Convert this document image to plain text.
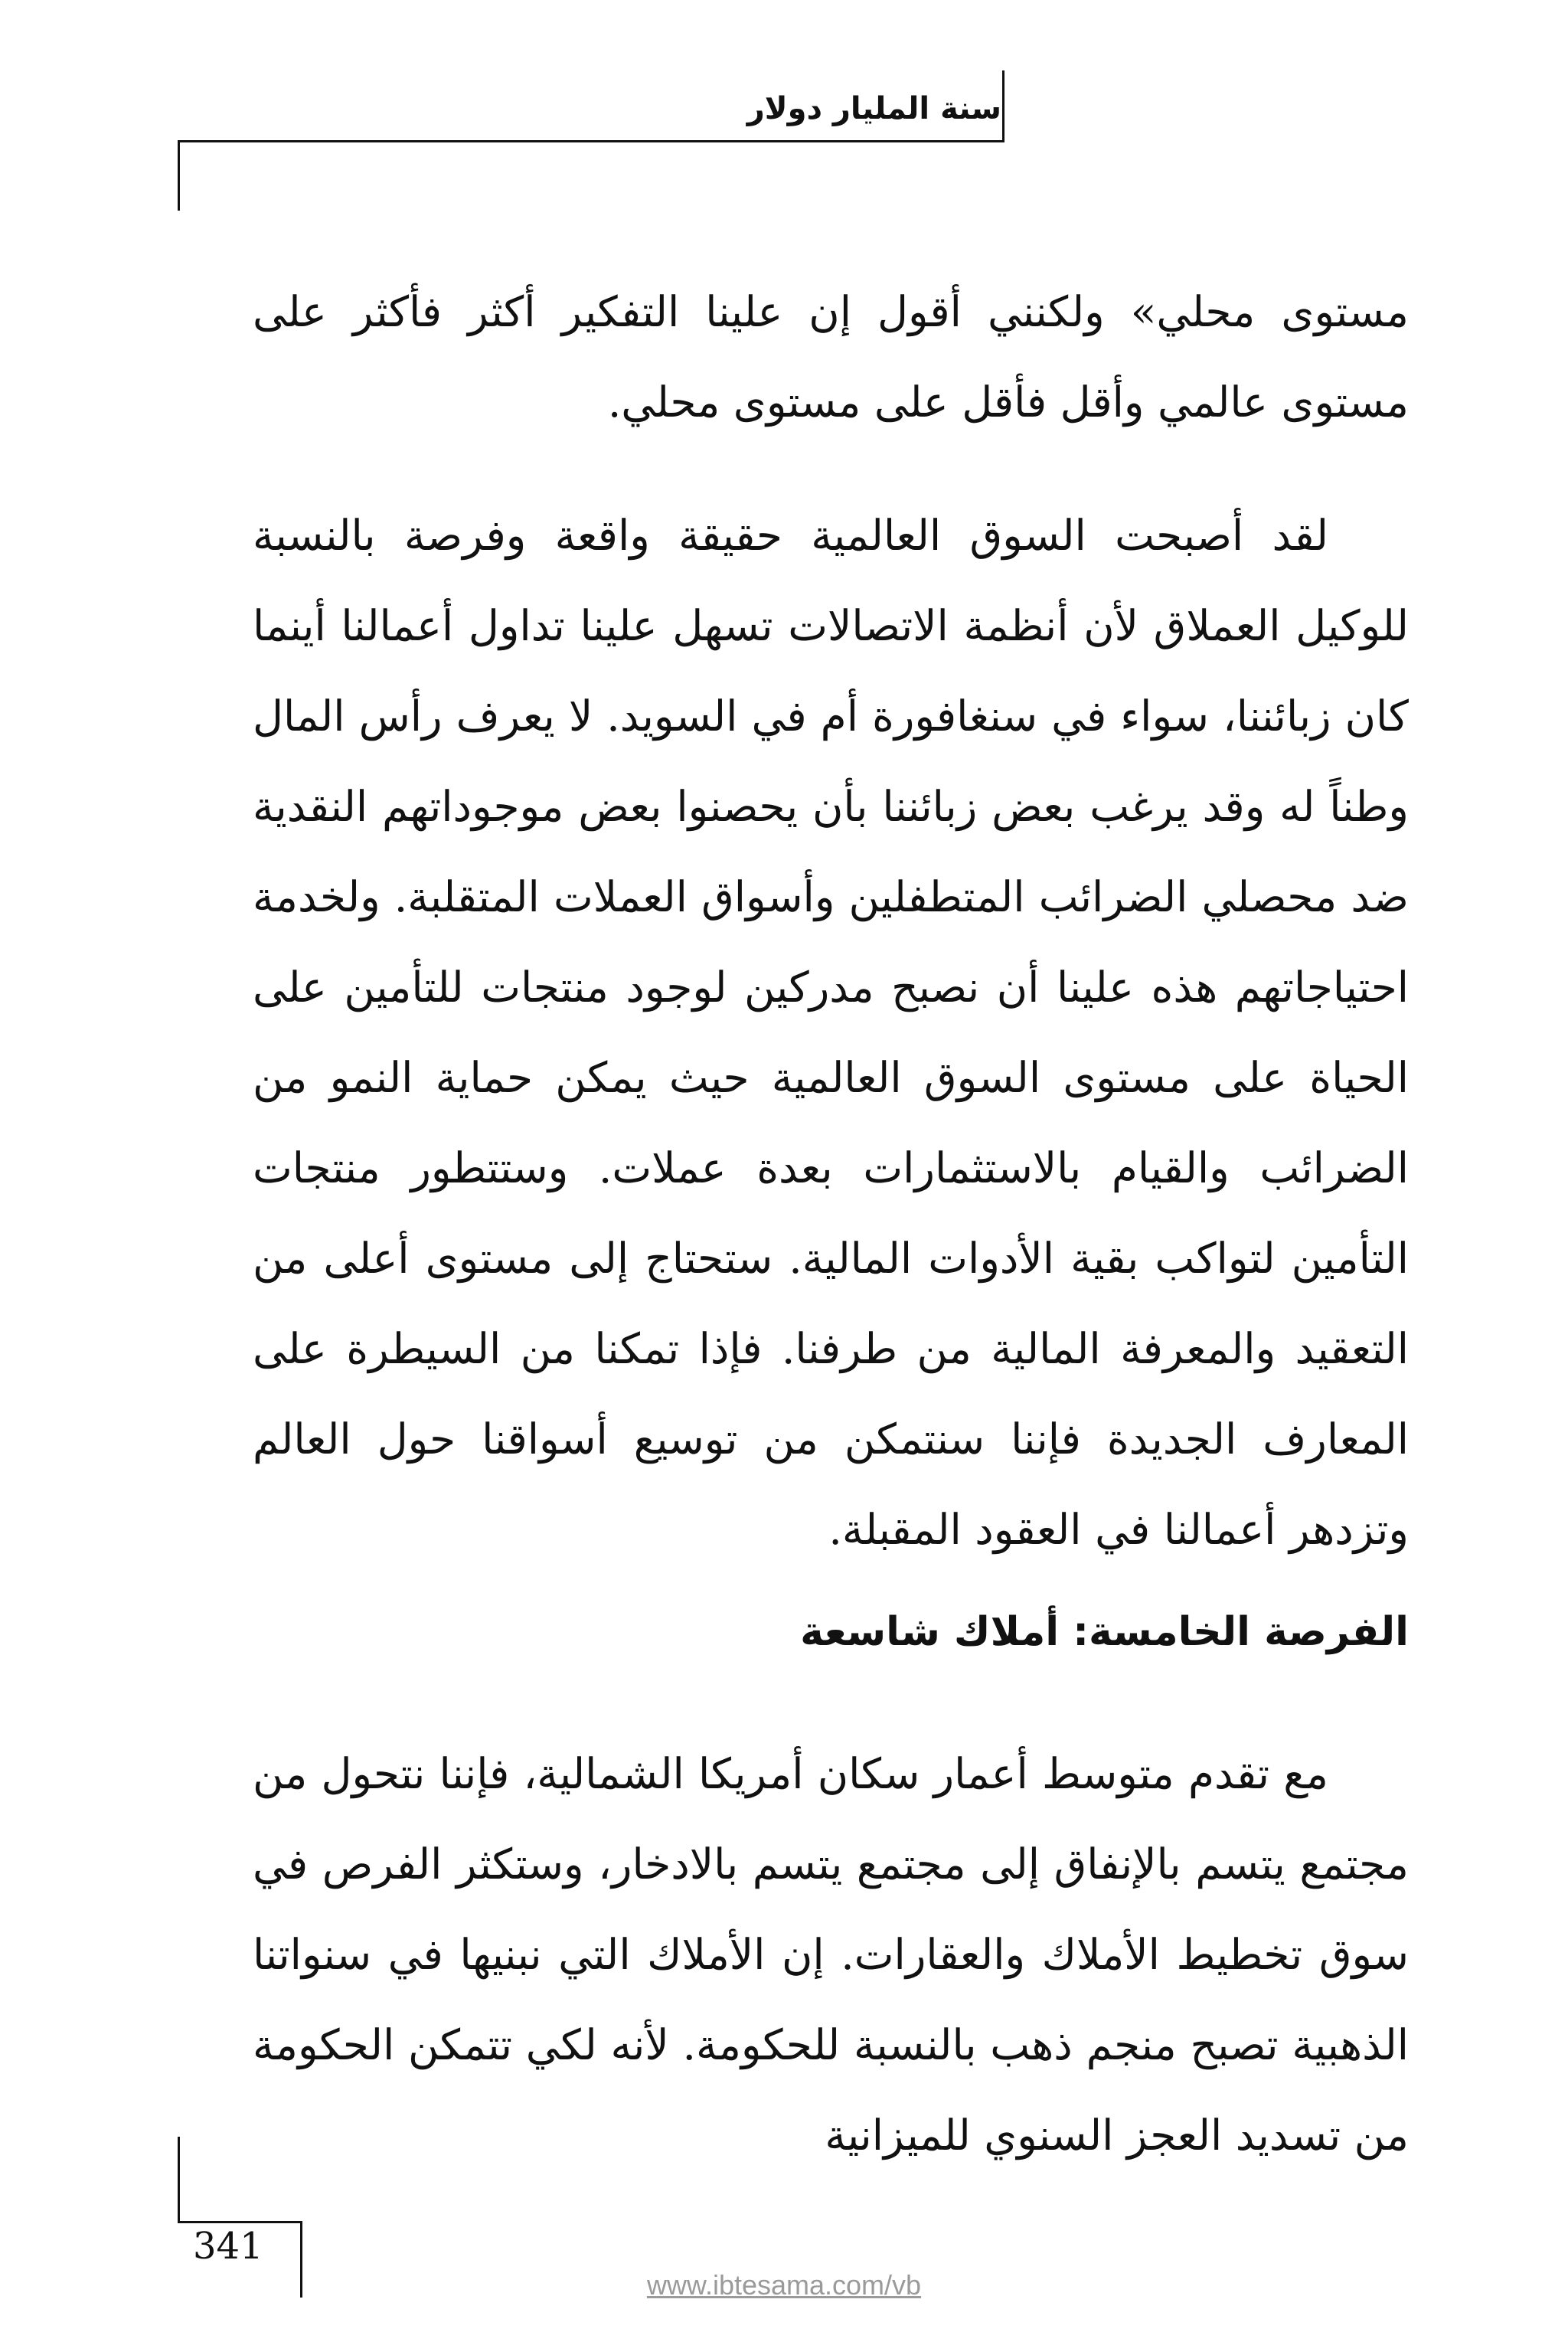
سنة المليار دولار

مستوى محلي» ولكنني أقول إن علينا التفكير أكثر فأكثر على مستوى عالمي وأقل فأقل على مستوى محلي.

لقد أصبحت السوق العالمية حقيقة واقعة وفرصة بالنسبة للوكيل العملاق لأن أنظمة الاتصالات تسهل علينا تداول أعمالنا أينما كان زبائننا، سواء في سنغافورة أم في السويد. لا يعرف رأس المال وطناً له وقد يرغب بعض زبائننا بأن يحصنوا بعض موجوداتهم النقدية ضد محصلي الضرائب المتطفلين وأسواق العملات المتقلبة. ولخدمة احتياجاتهم هذه علينا أن نصبح مدركين لوجود منتجات للتأمين على الحياة على مستوى السوق العالمية حيث يمكن حماية النمو من الضرائب والقيام بالاستثمارات بعدة عملات. وستتطور منتجات التأمين لتواكب بقية الأدوات المالية. ستحتاج إلى مستوى أعلى من التعقيد والمعرفة المالية من طرفنا. فإذا تمكنا من السيطرة على المعارف الجديدة فإننا سنتمكن من توسيع أسواقنا حول العالم وتزدهر أعمالنا في العقود المقبلة.

الفرصة الخامسة: أملاك شاسعة

مع تقدم متوسط أعمار سكان أمريكا الشمالية، فإننا نتحول من مجتمع يتسم بالإنفاق إلى مجتمع يتسم بالادخار، وستكثر الفرص في سوق تخطيط الأملاك والعقارات. إن الأملاك التي نبنيها في سنواتنا الذهبية تصبح منجم ذهب بالنسبة للحكومة. لأنه لكي تتمكن الحكومة من تسديد العجز السنوي للميزانية

341
www.ibtesama.com/vb
